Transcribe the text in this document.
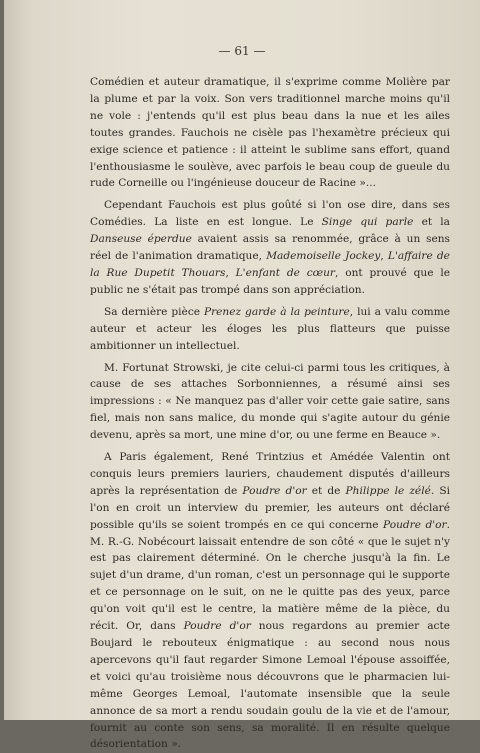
— 61 —

Comédien et auteur dramatique, il s'exprime comme Molière par la plume et par la voix. Son vers traditionnel marche moins qu'il ne vole : j'entends qu'il est plus beau dans la nue et les ailes toutes grandes. Fauchois ne cisèle pas l'hexamètre précieux qui exige science et patience : il atteint le sublime sans effort, quand l'enthousiasme le soulève, avec parfois le beau coup de gueule du rude Corneille ou l'ingénieuse douceur de Racine »...

Cependant Fauchois est plus goûté si l'on ose dire, dans ses Comédies. La liste en est longue. Le Singe qui parle et la Danseuse éperdue avaient assis sa renommée, grâce à un sens réel de l'animation dramatique, Mademoiselle Jockey, L'affaire de la Rue Dupetit Thouars, L'enfant de cœur, ont prouvé que le public ne s'était pas trompé dans son appréciation.

Sa dernière pièce Prenez garde à la peinture, lui a valu comme auteur et acteur les éloges les plus flatteurs que puisse ambitionner un intellectuel.

M. Fortunat Strowski, je cite celui-ci parmi tous les critiques, à cause de ses attaches Sorbonniennes, a résumé ainsi ses impressions : « Ne manquez pas d'aller voir cette gaie satire, sans fiel, mais non sans malice, du monde qui s'agite autour du génie devenu, après sa mort, une mine d'or, ou une ferme en Beauce ».

A Paris également, René Trintzius et Amédée Valentin ont conquis leurs premiers lauriers, chaudement disputés d'ailleurs après la représentation de Poudre d'or et de Philippe le zélé. Si l'on en croit un interview du premier, les auteurs ont déclaré possible qu'ils se soient trompés en ce qui concerne Poudre d'or. M. R.-G. Nobécourt laissait entendre de son côté « que le sujet n'y est pas clairement déterminé. On le cherche jusqu'à la fin. Le sujet d'un drame, d'un roman, c'est un personnage qui le supporte et ce personnage on le suit, on ne le quitte pas des yeux, parce qu'on voit qu'il est le centre, la matière même de la pièce, du récit. Or, dans Poudre d'or nous regardons au premier acte Boujard le rebouteux énigmatique : au second nous nous apercevons qu'il faut regarder Simone Lemoal l'épouse assoiffée, et voici qu'au troisième nous découvrons que le pharmacien lui-même Georges Lemoal, l'automate insensible que la seule annonce de sa mort a rendu soudain goulu de la vie et de l'amour, fournit au conte son sens, sa moralité. Il en résulte quelque désorientation ».
